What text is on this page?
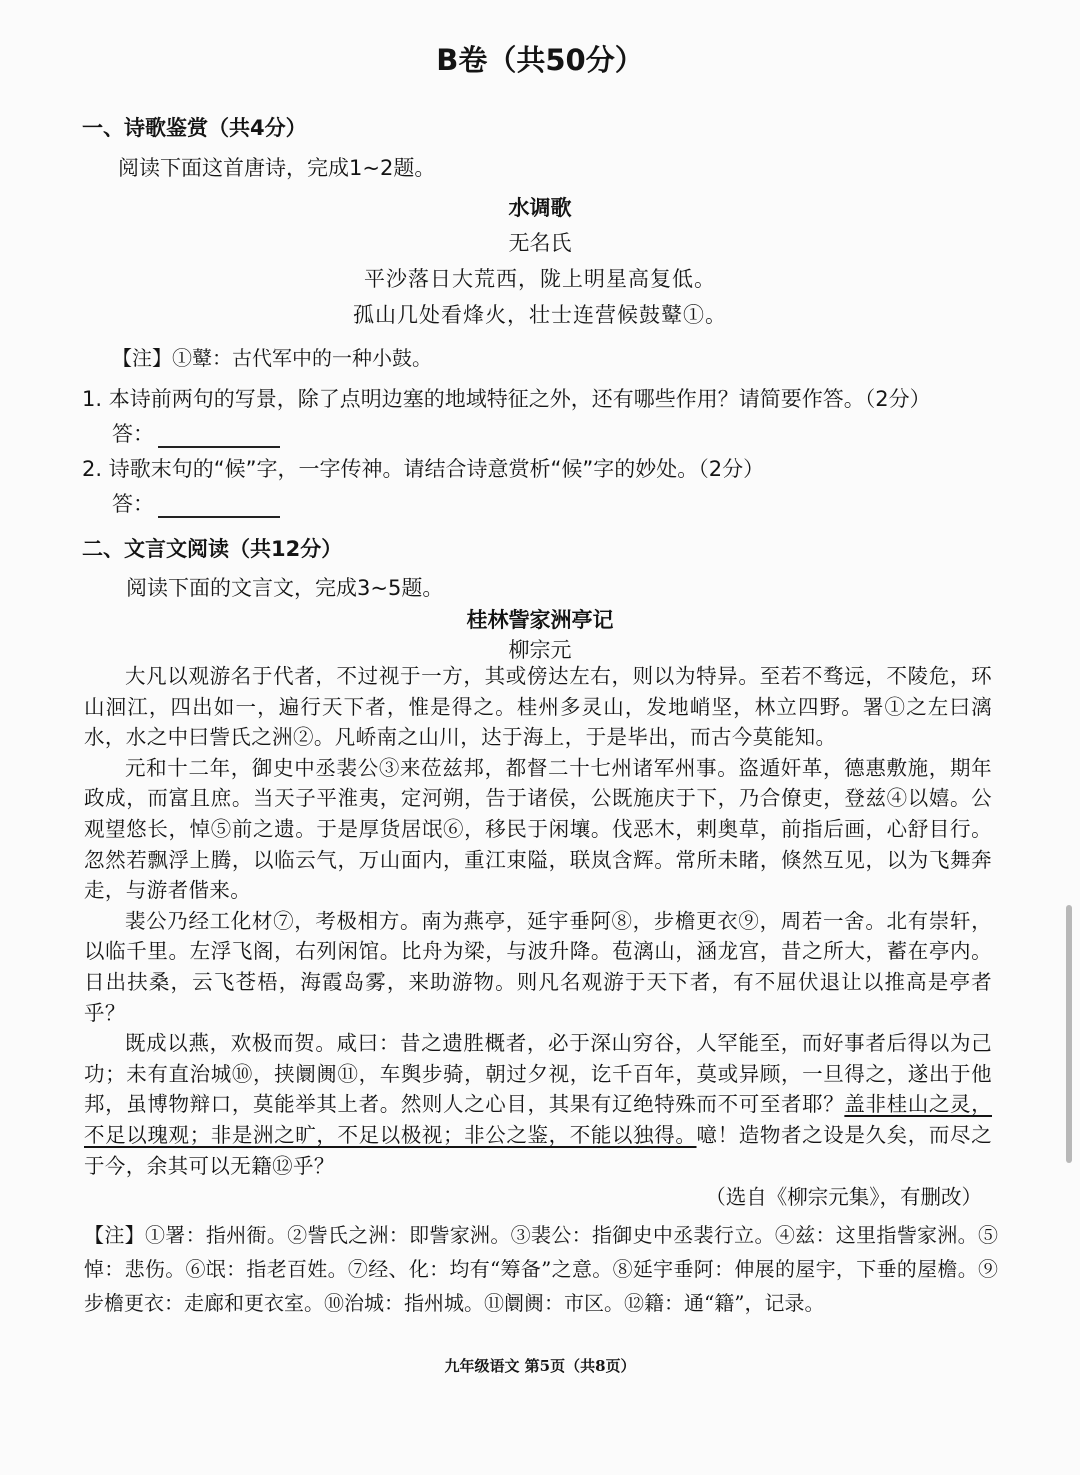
B卷（共50分）
一、诗歌鉴赏（共4分）
阅读下面这首唐诗，完成1~2题。
水调歌
无名氏
平沙落日大荒西，陇上明星高复低。
孤山几处看烽火，壮士连营候鼓鼙①。
【注】①鼙：古代军中的一种小鼓。
1. 本诗前两句的写景，除了点明边塞的地域特征之外，还有哪些作用？请简要作答。（2分）
答：
2. 诗歌末句的“候”字，一字传神。请结合诗意赏析“候”字的妙处。（2分）
答：
二、文言文阅读（共12分）
阅读下面的文言文，完成3~5题。
桂林訾家洲亭记
柳宗元

大凡以观游名于代者，不过视于一方，其或傍达左右，则以为特异。至若不骛远，不陵危，环山洄江，四出如一，遍行天下者，惟是得之。桂州多灵山，发地峭坚，林立四野。署①之左曰漓水，水之中曰訾氏之洲②。凡峤南之山川，达于海上，于是毕出，而古今莫能知。

元和十二年，御史中丞裴公③来莅兹邦，都督二十七州诸军州事。盗遁奸革，德惠敷施，期年政成，而富且庶。当天子平淮夷，定河朔，告于诸侯，公既施庆于下，乃合僚吏，登兹④以嬉。公观望悠长，悼⑤前之遗。于是厚货居氓⑥，移民于闲壤。伐恶木，剌奥草，前指后画，心舒目行。忽然若飘浮上腾，以临云气，万山面内，重江束隘，联岚含辉。常所未睹，倏然互见，以为飞舞奔走，与游者偕来。

裴公乃经工化材⑦，考极相方。南为燕亭，延宇垂阿⑧，步檐更衣⑨，周若一舍。北有崇轩，以临千里。左浮飞阁，右列闲馆。比舟为梁，与波升降。苞漓山，涵龙宫，昔之所大，蓄在亭内。日出扶桑，云飞苍梧，海霞岛雾，来助游物。则凡名观游于天下者，有不屈伏退让以推高是亭者乎？

既成以燕，欢极而贺。咸曰：昔之遗胜概者，必于深山穷谷，人罕能至，而好事者后得以为己功；未有直治城⑩，挟阛阓⑪，车舆步骑，朝过夕视，讫千百年，莫或异顾，一旦得之，遂出于他邦，虽博物辩口，莫能举其上者。然则人之心目，其果有辽绝特殊而不可至者耶？盖非桂山之灵，不足以瑰观；非是洲之旷，不足以极视；非公之鉴，不能以独得。噫！造物者之设是久矣，而尽之于今，余其可以无籍⑫乎？

（选自《柳宗元集》，有删改）
【注】①署：指州衙。②訾氏之洲：即訾家洲。③裴公：指御史中丞裴行立。④兹：这里指訾家洲。⑤悼：悲伤。⑥氓：指老百姓。⑦经、化：均有“筹备”之意。⑧延宇垂阿：伸展的屋宇，下垂的屋檐。⑨步檐更衣：走廊和更衣室。⑩治城：指州城。⑪阛阓：市区。⑫籍：通“籍”，记录。
九年级语文 第5页（共8页）
